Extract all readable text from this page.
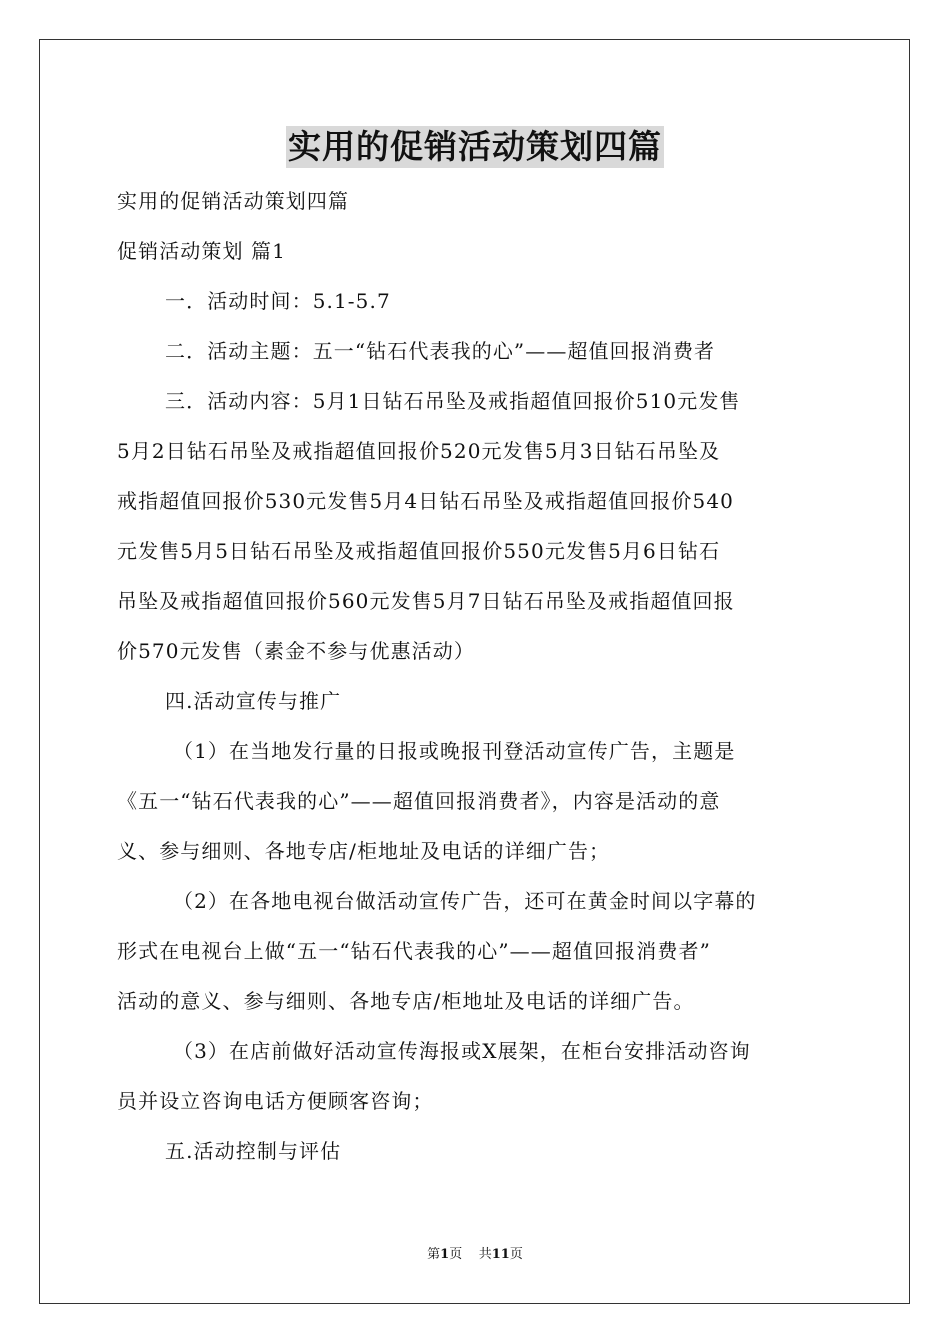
实用的促销活动策划四篇

实用的促销活动策划四篇

促销活动策划 篇1

一．活动时间：5.1-5.7

二．活动主题：五一“钻石代表我的心”——超值回报消费者

三．活动内容：5月1日钻石吊坠及戒指超值回报价510元发售

5月2日钻石吊坠及戒指超值回报价520元发售5月3日钻石吊坠及

戒指超值回报价530元发售5月4日钻石吊坠及戒指超值回报价540

元发售5月5日钻石吊坠及戒指超值回报价550元发售5月6日钻石

吊坠及戒指超值回报价560元发售5月7日钻石吊坠及戒指超值回报

价570元发售（素金不参与优惠活动）

四.活动宣传与推广

（1）在当地发行量的日报或晚报刊登活动宣传广告，主题是

《五一“钻石代表我的心”——超值回报消费者》，内容是活动的意

义、参与细则、各地专店/柜地址及电话的详细广告；

（2）在各地电视台做活动宣传广告，还可在黄金时间以字幕的

形式在电视台上做“五一“钻石代表我的心”——超值回报消费者”

活动的意义、参与细则、各地专店/柜地址及电话的详细广告。

（3）在店前做好活动宣传海报或X展架，在柜台安排活动咨询

员并设立咨询电话方便顾客咨询；

五.活动控制与评估

第1页 共11页
